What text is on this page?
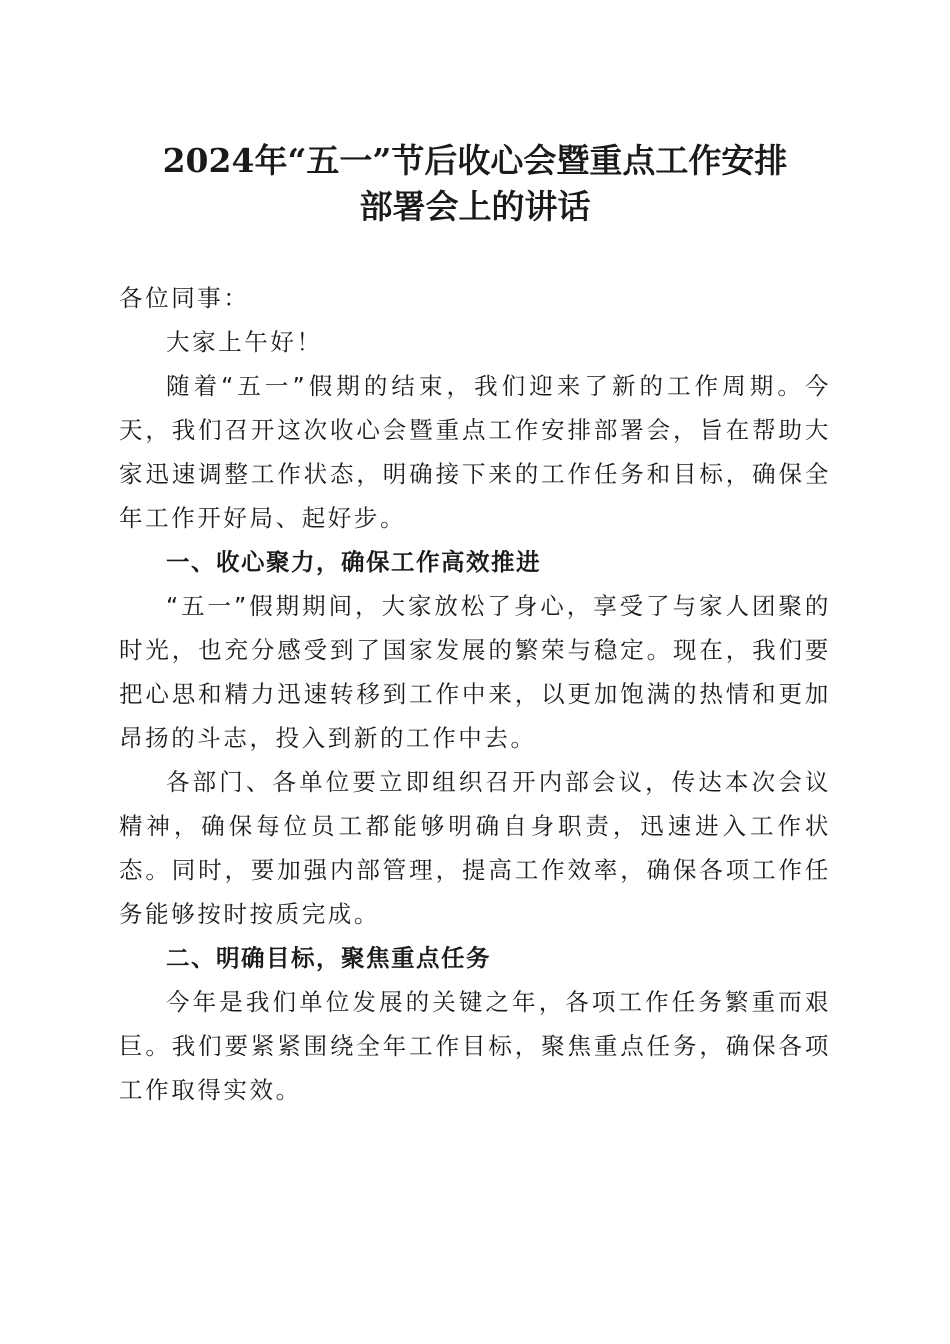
2024年“五一”节后收心会暨重点工作安排
部署会上的讲话

各位同事：

大家上午好！

随着“五一”假期的结束，我们迎来了新的工作周期。今天，我们召开这次收心会暨重点工作安排部署会，旨在帮助大家迅速调整工作状态，明确接下来的工作任务和目标，确保全年工作开好局、起好步。

一、收心聚力，确保工作高效推进

“五一”假期期间，大家放松了身心，享受了与家人团聚的时光，也充分感受到了国家发展的繁荣与稳定。现在，我们要把心思和精力迅速转移到工作中来，以更加饱满的热情和更加昂扬的斗志，投入到新的工作中去。

各部门、各单位要立即组织召开内部会议，传达本次会议精神，确保每位员工都能够明确自身职责，迅速进入工作状态。同时，要加强内部管理，提高工作效率，确保各项工作任务能够按时按质完成。

二、明确目标，聚焦重点任务

今年是我们单位发展的关键之年，各项工作任务繁重而艰巨。我们要紧紧围绕全年工作目标，聚焦重点任务，确保各项工作取得实效。
